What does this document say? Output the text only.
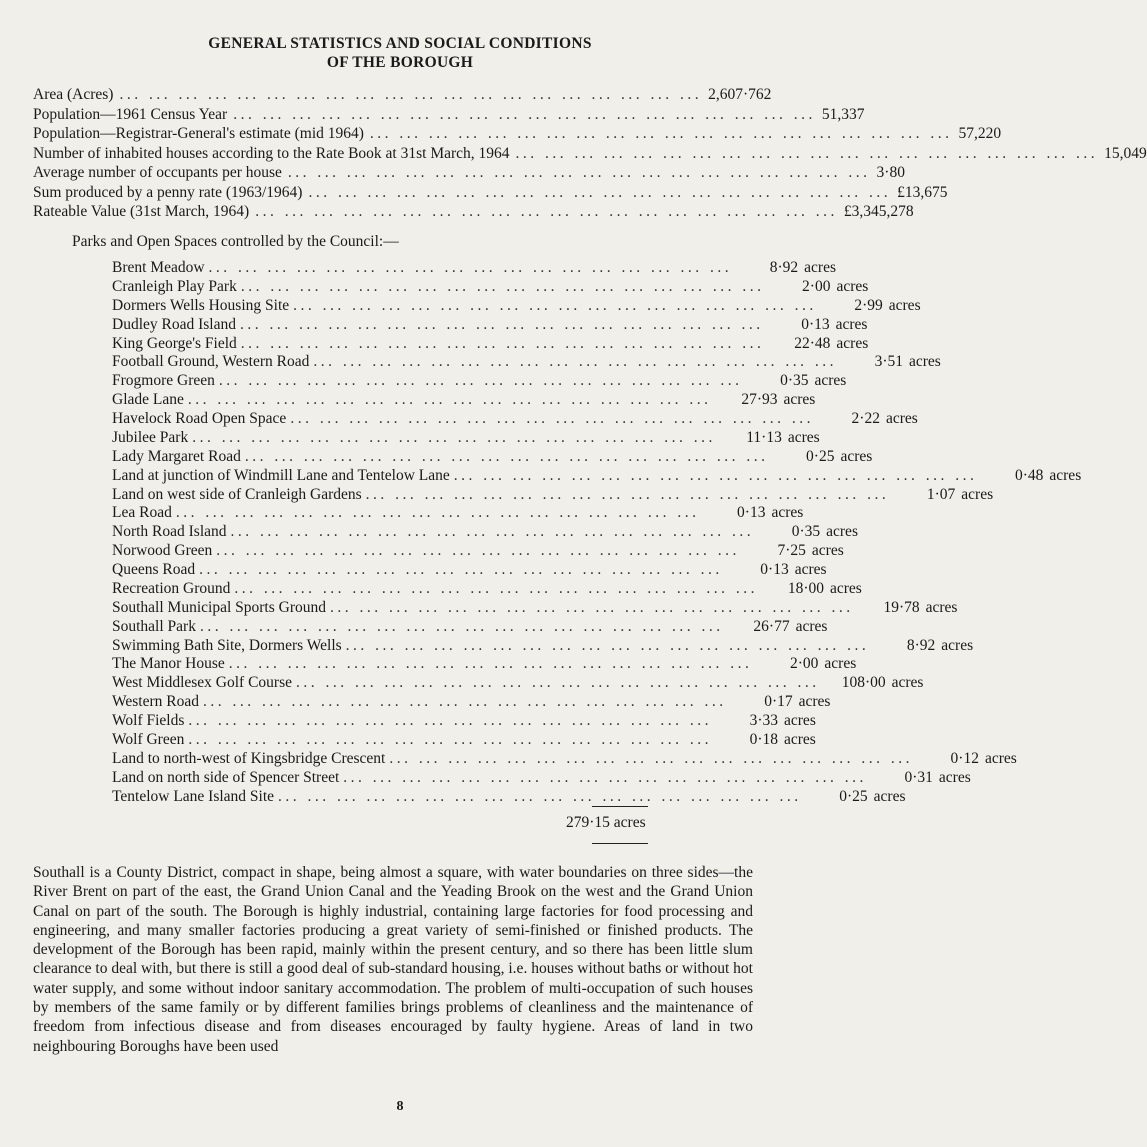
GENERAL STATISTICS AND SOCIAL CONDITIONS
OF THE BOROUGH
Area (Acres) ... ... ... ... ... ... ... ... ... ... ... ... ... ... ... ... ... ... ... ... 2,607·762
Population—1961 Census Year ... ... ... ... ... ... ... ... ... ... ... ... ... ... ... ... ... ... ... ... 51,337
Population—Registrar-General's estimate (mid 1964) ... ... ... ... ... ... ... ... ... ... ... ... ... ... ... ... ... ... ... ... 57,220
Number of inhabited houses according to the Rate Book at 31st March, 1964 ... ... ... ... ... ... ... ... ... ... ... ... ... ... ... ... ... ... ... ... 15,049
Average number of occupants per house ... ... ... ... ... ... ... ... ... ... ... ... ... ... ... ... ... ... ... ... 3·80
Sum produced by a penny rate (1963/1964) ... ... ... ... ... ... ... ... ... ... ... ... ... ... ... ... ... ... ... ... £13,675
Rateable Value (31st March, 1964) ... ... ... ... ... ... ... ... ... ... ... ... ... ... ... ... ... ... ... ... £3,345,278
Parks and Open Spaces controlled by the Council:—
Brent Meadow ... ... ... ... ... ... ... ... ... ... ... ... ... ... ... ... ... ...	8·92 acres
Cranleigh Play Park ... ... ... ... ... ... ... ... ... ... ... ... ... ... ... ... ... ...	2·00 acres
Dormers Wells Housing Site ... ... ... ... ... ... ... ... ... ... ... ... ... ... ... ... ... ...	2·99 acres
Dudley Road Island ... ... ... ... ... ... ... ... ... ... ... ... ... ... ... ... ... ...	0·13 acres
King George's Field ... ... ... ... ... ... ... ... ... ... ... ... ... ... ... ... ... ...	22·48 acres
Football Ground, Western Road ... ... ... ... ... ... ... ... ... ... ... ... ... ... ... ... ... ...	3·51 acres
Frogmore Green ... ... ... ... ... ... ... ... ... ... ... ... ... ... ... ... ... ...	0·35 acres
Glade Lane ... ... ... ... ... ... ... ... ... ... ... ... ... ... ... ... ... ...	27·93 acres
Havelock Road Open Space ... ... ... ... ... ... ... ... ... ... ... ... ... ... ... ... ... ...	2·22 acres
Jubilee Park ... ... ... ... ... ... ... ... ... ... ... ... ... ... ... ... ... ...	11·13 acres
Lady Margaret Road ... ... ... ... ... ... ... ... ... ... ... ... ... ... ... ... ... ...	0·25 acres
Land at junction of Windmill Lane and Tentelow Lane ... ... ... ... ... ... ... ... ... ... ... ... ... ... ... ... ... ...	0·48 acres
Land on west side of Cranleigh Gardens ... ... ... ... ... ... ... ... ... ... ... ... ... ... ... ... ... ...	1·07 acres
Lea Road ... ... ... ... ... ... ... ... ... ... ... ... ... ... ... ... ... ...	0·13 acres
North Road Island ... ... ... ... ... ... ... ... ... ... ... ... ... ... ... ... ... ...	0·35 acres
Norwood Green ... ... ... ... ... ... ... ... ... ... ... ... ... ... ... ... ... ...	7·25 acres
Queens Road ... ... ... ... ... ... ... ... ... ... ... ... ... ... ... ... ... ...	0·13 acres
Recreation Ground ... ... ... ... ... ... ... ... ... ... ... ... ... ... ... ... ... ...	18·00 acres
Southall Municipal Sports Ground ... ... ... ... ... ... ... ... ... ... ... ... ... ... ... ... ... ...	19·78 acres
Southall Park ... ... ... ... ... ... ... ... ... ... ... ... ... ... ... ... ... ...	26·77 acres
Swimming Bath Site, Dormers Wells ... ... ... ... ... ... ... ... ... ... ... ... ... ... ... ... ... ...	8·92 acres
The Manor House ... ... ... ... ... ... ... ... ... ... ... ... ... ... ... ... ... ...	2·00 acres
West Middlesex Golf Course ... ... ... ... ... ... ... ... ... ... ... ... ... ... ... ... ... ...	108·00 acres
Western Road ... ... ... ... ... ... ... ... ... ... ... ... ... ... ... ... ... ...	0·17 acres
Wolf Fields ... ... ... ... ... ... ... ... ... ... ... ... ... ... ... ... ... ...	3·33 acres
Wolf Green ... ... ... ... ... ... ... ... ... ... ... ... ... ... ... ... ... ...	0·18 acres
Land to north-west of Kingsbridge Crescent ... ... ... ... ... ... ... ... ... ... ... ... ... ... ... ... ... ...	0·12 acres
Land on north side of Spencer Street ... ... ... ... ... ... ... ... ... ... ... ... ... ... ... ... ... ...	0·31 acres
Tentelow Lane Island Site ... ... ... ... ... ... ... ... ... ... ... ... ... ... ... ... ... ...	0·25 acres
279·15 acres
Southall is a County District, compact in shape, being almost a square, with water boundaries on three sides—the River Brent on part of the east, the Grand Union Canal and the Yeading Brook on the west and the Grand Union Canal on part of the south. The Borough is highly industrial, containing large factories for food processing and engineering, and many smaller factories producing a great variety of semi-finished or finished products. The development of the Borough has been rapid, mainly within the present century, and so there has been little slum clearance to deal with, but there is still a good deal of sub-standard housing, i.e. houses without baths or without hot water supply, and some without indoor sanitary accommodation. The problem of multi-occupation of such houses by members of the same family or by different families brings problems of cleanliness and the maintenance of freedom from infectious disease and from diseases encouraged by faulty hygiene. Areas of land in two neighbouring Boroughs have been used
8
